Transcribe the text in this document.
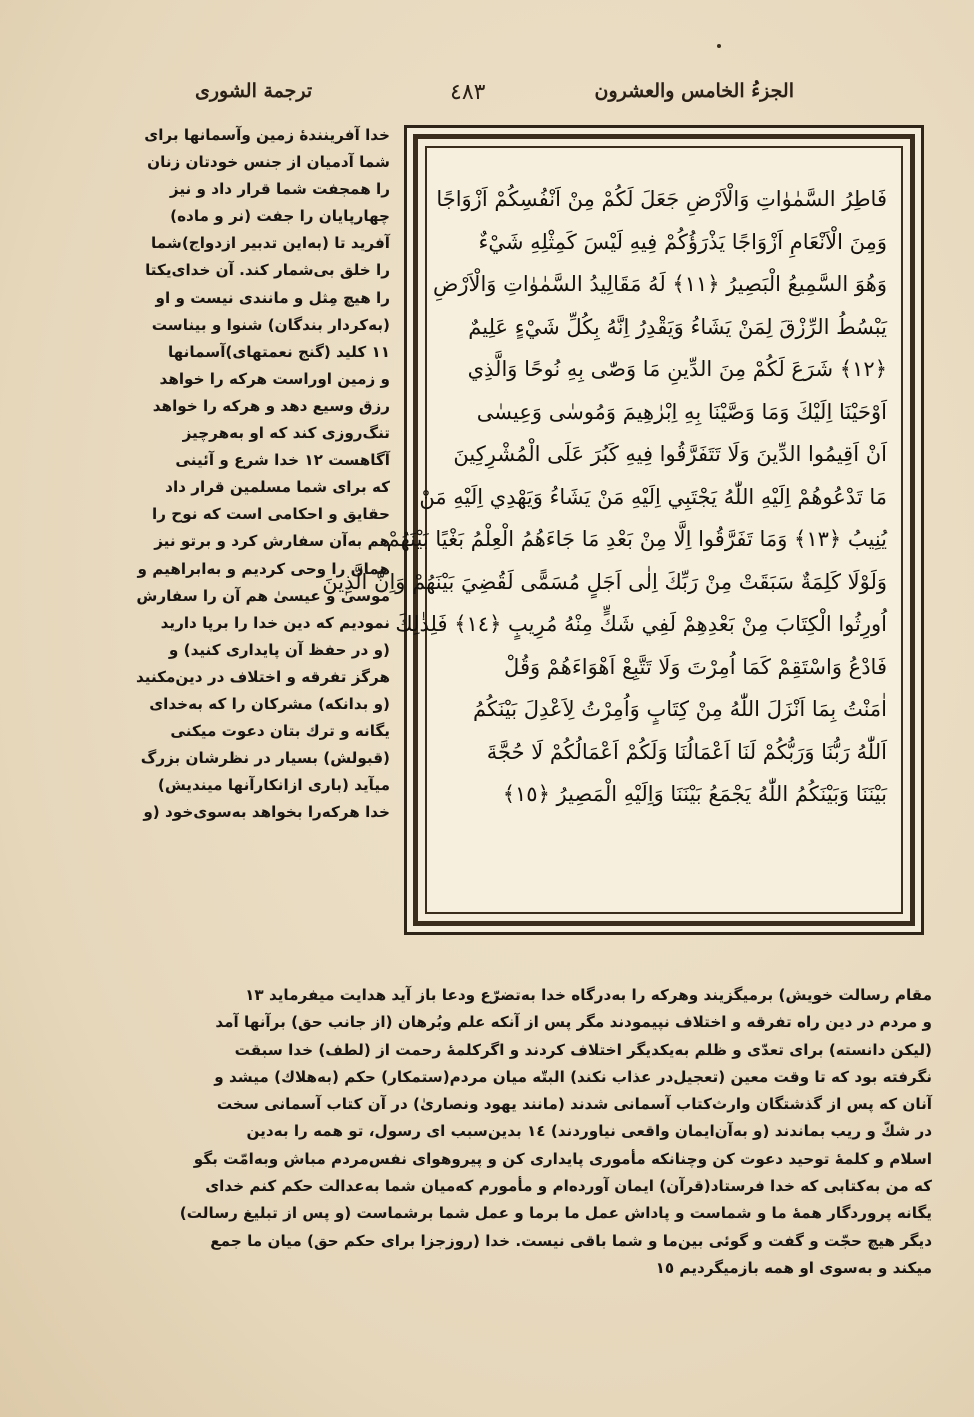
الجزءُ الخامس والعشرون
٤٨٣
ترجمة الشورى
فَاطِرُ السَّمٰوٰاتِ وَالْاَرْضِ جَعَلَ لَكُمْ مِنْ اَنْفُسِكُمْ اَزْوَاجًا
وَمِنَ الْاَنْعَامِ اَزْوَاجًا يَذْرَؤُكُمْ فِيهِ لَيْسَ كَمِثْلِهِ شَيْءٌ
وَهُوَ السَّمِيعُ الْبَصِيرُ ﴿١١﴾ لَهُ مَقَالِيدُ السَّمٰوٰاتِ وَالْاَرْضِ
يَبْسُطُ الرِّزْقَ لِمَنْ يَشَاءُ وَيَقْدِرُ اِنَّهُ بِكُلِّ شَيْءٍ عَلِيمٌ
﴿١٢﴾ شَرَعَ لَكُمْ مِنَ الدِّينِ مَا وَصّٰى بِهِ نُوحًا وَالَّذِي
اَوْحَيْنَا اِلَيْكَ وَمَا وَصَّيْنَا بِهِ اِبْرٰهِيمَ وَمُوسٰى وَعِيسٰى
اَنْ اَقِيمُوا الدِّينَ وَلَا تَتَفَرَّقُوا فِيهِ كَبُرَ عَلَى الْمُشْرِكِينَ
مَا تَدْعُوهُمْ اِلَيْهِ اللّٰهُ يَجْتَبِي اِلَيْهِ مَنْ يَشَاءُ وَيَهْدِي اِلَيْهِ مَنْ
يُنِيبُ ﴿١٣﴾ وَمَا تَفَرَّقُوا اِلَّا مِنْ بَعْدِ مَا جَاءَهُمُ الْعِلْمُ بَغْيًا بَيْنَهُمْ
وَلَوْلَا كَلِمَةٌ سَبَقَتْ مِنْ رَبِّكَ اِلٰى اَجَلٍ مُسَمًّى لَقُضِيَ بَيْنَهُمْ وَاِنَّ الَّذِينَ
اُورِثُوا الْكِتَابَ مِنْ بَعْدِهِمْ لَفِي شَكٍّ مِنْهُ مُرِيبٍ ﴿١٤﴾ فَلِذٰلِكَ
فَادْعُ وَاسْتَقِمْ كَمَا اُمِرْتَ وَلَا تَتَّبِعْ اَهْوَاءَهُمْ وَقُلْ
اٰمَنْتُ بِمَا اَنْزَلَ اللّٰهُ مِنْ كِتَابٍ وَاُمِرْتُ لِاَعْدِلَ بَيْنَكُمُ
اَللّٰهُ رَبُّنَا وَرَبُّكُمْ لَنَا اَعْمَالُنَا وَلَكُمْ اَعْمَالُكُمْ لَا حُجَّةَ
بَيْنَنَا وَبَيْنَكُمُ اللّٰهُ يَجْمَعُ بَيْنَنَا وَاِلَيْهِ الْمَصِيرُ ﴿١٥﴾
خدا آفرينندۀ زمين وآسمانها براى
شما آدميان از جنس خودتان زنان
را همجفت شما قرار داد و نيز
چهارپايان را جفت (نر و ماده)
آفريد تا (به‌اين تدبير ازدواج)شما
را خلق بى‌شمار كند. آن خداى‌يكتا
را هيچ مِثل و مانندى نيست و او
(به‌كردار بندگان) شنوا و بيناست
١١ كليد (گنج نعمتهاى)آسمانها
و زمين اوراست هركه را خواهد
رزق وسيع دهد و هركه را خواهد
تنگ‌روزى كند كه او به‌هرچيز
آگاهست ١٢ خدا شرع و آئينى
كه براى شما مسلمين قرار داد
حقايق و احكامى است كه نوح را
هم به‌آن سفارش كرد و برتو نيز
همان را وحى كرديم و به‌ابراهيم و
موسىٰ و عيسىٰ هم آن را سفارش
نموديم كه دين خدا را برپا داريد
(و در حفظ آن پايدارى كنيد) و
هرگز تفرقه و اختلاف در دين‌مكنيد
(و بدانكه) مشركان را كه به‌خداى
يگانه و ترك بتان دعوت ميكنى
(قبولش) بسيار در نظرشان بزرگ
ميآيد (بارى ازانكارآنها مينديش)
خدا هركه‌را بخواهد به‌سوى‌خود (و
مقام رسالت خويش) برميگزيند وهركه را به‌درگاه خدا به‌تضرّع ودعا باز آيد هدايت ميفرمايد ١٣
و مردم در دين راه تفرقه و اختلاف نپيمودند مگر پس از آنكه علم وبُرهان (از جانب حق) برآنها آمد
(ليكن دانسته) براى تعدّى و ظلم به‌يكديگر اختلاف كردند و اگركلمۀ رحمت از (لطف) خدا سبقت
نگرفته بود كه تا وقت معين (تعجيل‌در عذاب نكند) البتّه ميان مردم(ستمكار) حكم (به‌هلاك) ميشد و
آنان كه پس از گذشتگان وارث‌كتاب آسمانى شدند (مانند يهود ونصارىٰ) در آن كتاب آسمانى سخت
در شكّ و ريب بماندند (و به‌آن‌ايمان واقعى نياوردند) ١٤ بدين‌سبب اى رسول، تو همه را به‌دين
اسلام و كلمۀ توحيد دعوت كن وچنانكه مأمورى پايدارى كن و پيروهواى نفس‌مردم مباش وبه‌امّت بگو
كه من به‌كتابى كه خدا فرستاد(قرآن) ايمان آورده‌ام و مأمورم كه‌ميان شما به‌عدالت حكم كنم خداى
يگانه پروردگار همۀ ما و شماست و پاداش عمل ما برما و عمل شما برشماست (و پس از تبليغ رسالت)
ديگر هيچ حجّت و گفت و گوئى بين‌ما و شما باقى نيست. خدا (روزجزا براى حكم حق) ميان ما جمع
ميكند و به‌سوى او همه بازميگرديم ١٥
